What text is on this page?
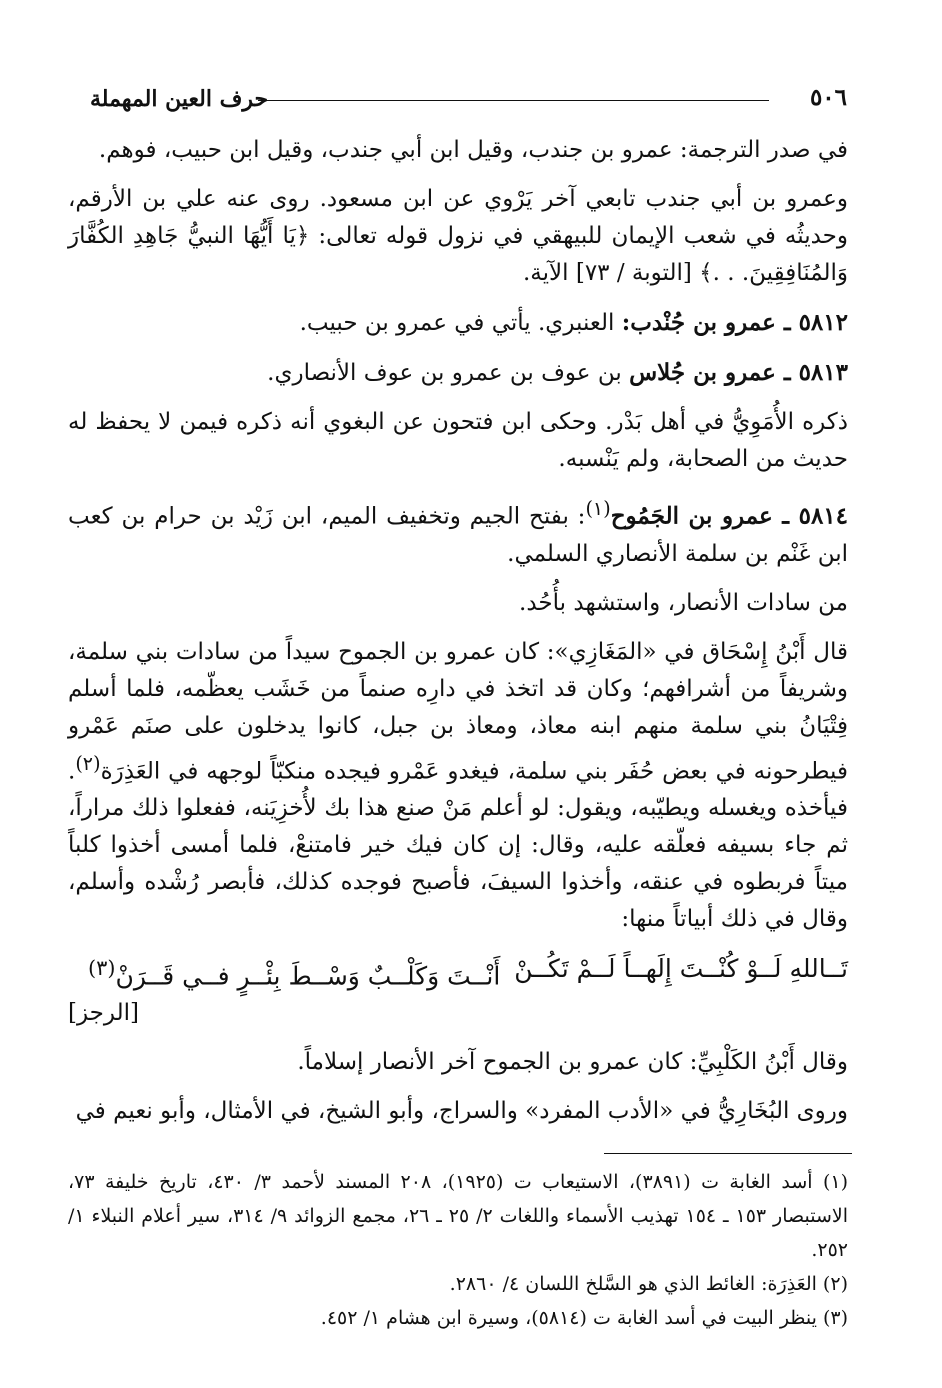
٥٠٦
حرف العين المهملة

في صدر الترجمة: عمرو بن جندب، وقيل ابن أبي جندب، وقيل ابن حبيب، فوهم.

وعمرو بن أبي جندب تابعي آخر يَرْوي عن ابن مسعود. روى عنه علي بن الأرقم، وحديثُه في شعب الإيمان للبيهقي في نزول قوله تعالى: ﴿يَا أَيُّهَا النبيُّ جَاهِدِ الكُفَّارَ وَالمُنَافِقِينَ. . .﴾ [التوبة / ٧٣] الآية.

٥٨١٢ ـ عمرو بن جُنْدب: العنبري. يأتي في عمرو بن حبيب.

٥٨١٣ ـ عمرو بن جُلاس بن عوف بن عمرو بن عوف الأنصاري.

ذكره الأُمَوِيُّ في أهل بَدْر. وحكى ابن فتحون عن البغوي أنه ذكره فيمن لا يحفظ له حديث من الصحابة، ولم يَنْسبه.

٥٨١٤ ـ عمرو بن الجَمُوح$^{(١)}$: بفتح الجيم وتخفيف الميم، ابن زَيْد بن حرام بن كعب ابن غَنْم بن سلمة الأنصاري السلمي.

من سادات الأنصار، واستشهد بأُحُد.

قال أَبْنُ إِسْحَاق في «المَغَازِي»: كان عمرو بن الجموح سيداً من سادات بني سلمة، وشريفاً من أشرافهم؛ وكان قد اتخذ في دارِه صنماً من خَشَب يعظّمه، فلما أسلم فِتْيَانُ بني سلمة منهم ابنه معاذ، ومعاذ بن جبل، كانوا يدخلون على صنَم عَمْرو فيطرحونه في بعض حُفَر بني سلمة، فيغدو عَمْرو فيجده منكبّاً لوجهه في العَذِرَة$^{(٢)}$. فيأخذه ويغسله ويطيّبه، ويقول: لو أعلم مَنْ صنع هذا بك لأُخزِيَنه، ففعلوا ذلك مراراً، ثم جاء بسيفه فعلّقه عليه، وقال: إن كان فيك خير فامتنعْ، فلما أمسى أخذوا كلباً ميتاً فربطوه في عنقه، وأخذوا السيفَ، فأصبح فوجده كذلك، فأبصر رُشْده وأسلم، وقال في ذلك أبياتاً منها:

تَــاللهِ لَــوْ كُنْــتَ إِلَهــاً لَــمْ تَكُــنْ
أَنْــتَ وَكَلْــبٌ وَسْــطَ بِئْــرٍ فــي قَــرَنْ$^{(٣)}$

[الرجز]

وقال أَبْنُ الكَلْبِيِّ: كان عمرو بن الجموح آخر الأنصار إسلاماً.

وروى البُخَارِيُّ في «الأدب المفرد» والسراج، وأبو الشيخ، في الأمثال، وأبو نعيم في

(١) أسد الغابة ت (٣٨٩١)، الاستيعاب ت (١٩٢٥)، ٢٠٨ المسند لأحمد ٣/ ٤٣٠، تاريخ خليفة ٧٣، الاستبصار ١٥٣ ـ ١٥٤ تهذيب الأسماء واللغات ٢/ ٢٥ ـ ٢٦، مجمع الزوائد ٩/ ٣١٤، سير أعلام النبلاء ١/ ٢٥٢.

(٢) العَذِرَة: الغائط الذي هو السَّلخ اللسان ٤/ ٢٨٦٠.

(٣) ينظر البيت في أسد الغابة ت (٥٨١٤)، وسيرة ابن هشام ١/ ٤٥٢.
